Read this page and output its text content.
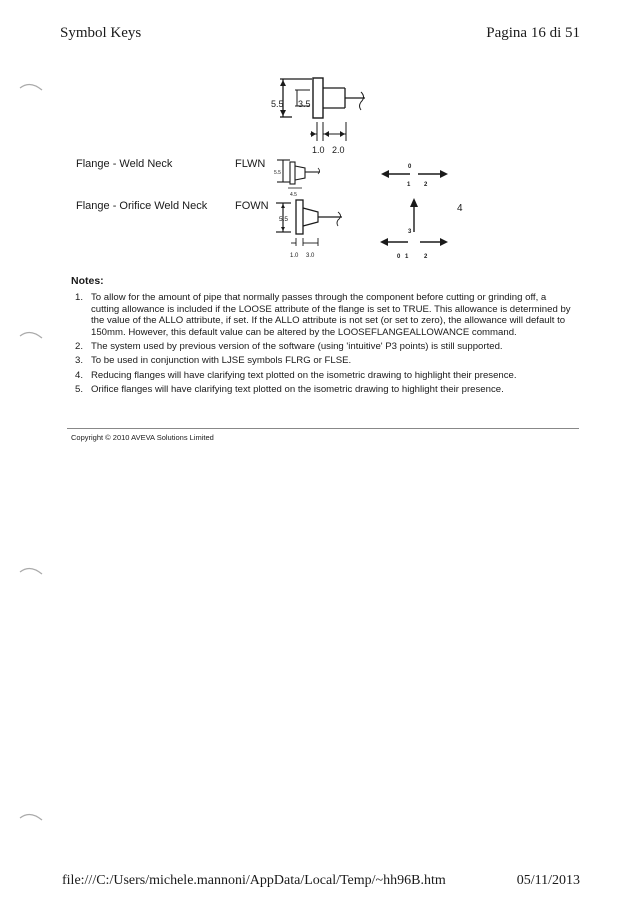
Symbol Keys	Pagina 16 di 51
5.5 3.5
1.0 2.0
5.5
4.5
0
1 2
5.5
1.0 3.0
3
0 1	2
4
Flange - Weld Neck	FLWN
Flange - Orifice Weld Neck	FOWN
Notes:
1. To allow for the amount of pipe that normally passes through the component before cutting or grinding off, a cutting allowance is included if the LOOSE attribute of the flange is set to TRUE. This allowance is determined by the value of the ALLO attribute, if set. If the ALLO attribute is not set (or set to zero), the allowance will default to 150mm. However, this default value can be altered by the LOOSEFLANGEALLOWANCE command.
2. The system used by previous version of the software (using 'intuitive' P3 points) is still supported.
3. To be used in conjunction with LJSE symbols FLRG or FLSE.
4. Reducing flanges will have clarifying text plotted on the isometric drawing to highlight their presence.
5. Orifice flanges will have clarifying text plotted on the isometric drawing to highlight their presence.
Copyright © 2010 AVEVA Solutions Limited
file:///C:/Users/michele.mannoni/AppData/Local/Temp/~hh96B.htm	05/11/2013
